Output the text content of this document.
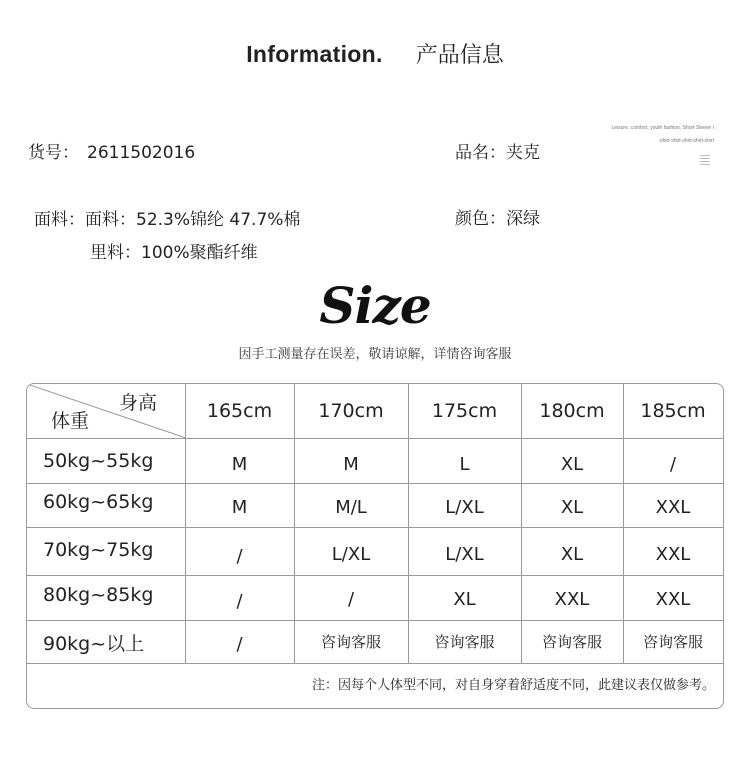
Information. 产品信息
货号： 2611502016	品名：夹克
Leisure, comfort, youth fashion, Short Sleeve t
-shirt-shirt-shirt-shirt-shirt
面料：面料：52.3%锦纶 47.7%棉
里料：100%聚酯纤维
颜色：深绿
Size
因手工测量存在误差，敬请谅解，详情咨询客服
身高
体重	165cm	170cm	175cm	180cm	185cm
50kg~55kg	M	M	L	XL	/
60kg~65kg	M	M/L	L/XL	XL	XXL
70kg~75kg	/	L/XL	L/XL	XL	XXL
80kg~85kg	/	/	XL	XXL	XXL
90kg~以上	/	咨询客服	咨询客服	咨询客服	咨询客服
注：因每个人体型不同，对自身穿着舒适度不同，此建议表仅做参考。
